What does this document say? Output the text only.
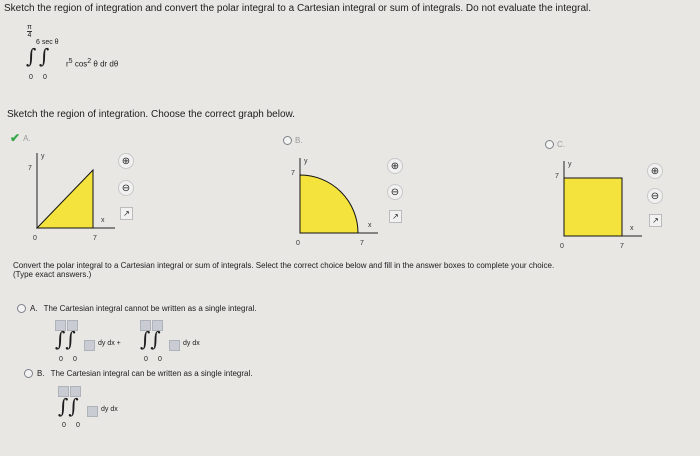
Sketch the region of integration and convert the polar integral to a Cartesian integral or sum of integrals. Do not evaluate the integral.
π
4
6 sec θ
∫ ∫
0 0
$r^5$ $\cos^2 \theta$ dr dθ
Sketch the region of integration. Choose the correct graph below.
✔ A.
7
7
0
y
x
⊕
⊖
↗
B.
7
7
0
y
x
⊕
⊖
↗
C.
7
7
0
y
x
⊕
⊖
↗
Convert the polar integral to a Cartesian integral or sum of integrals. Select the correct choice below and fill in the answer boxes to complete your choice.
(Type exact answers.)
A. The Cartesian integral cannot be written as a single integral.
∫∫	dy dx + ∫∫	dy dx
0 0	0 0
B. The Cartesian integral can be written as a single integral.
∫∫	dy dx
0 0
